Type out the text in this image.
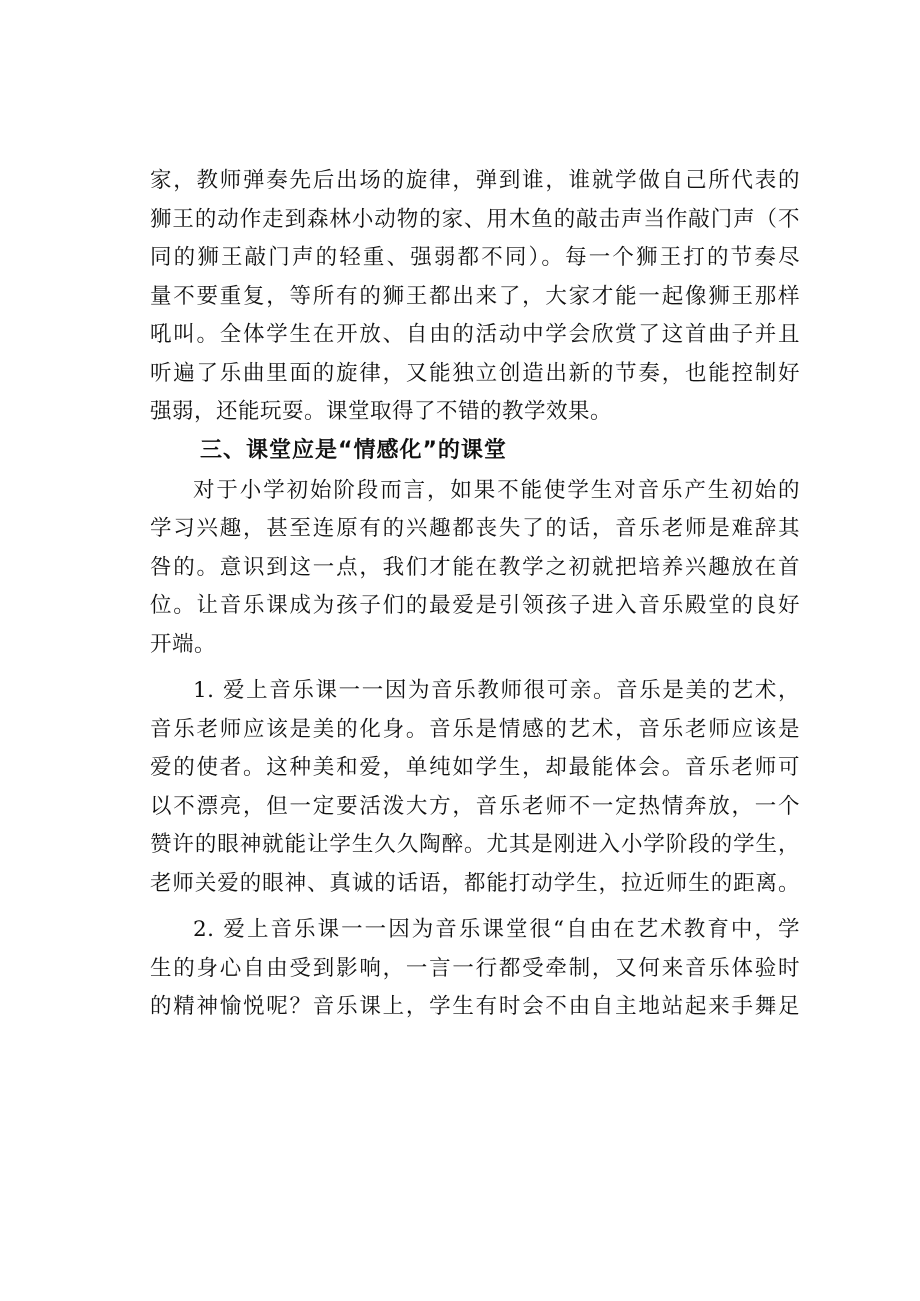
家，教师弹奏先后出场的旋律，弹到谁，谁就学做自己所代表的
狮王的动作走到森林小动物的家、用木鱼的敲击声当作敲门声（不
同的狮王敲门声的轻重、强弱都不同）。每一个狮王打的节奏尽
量不要重复，等所有的狮王都出来了，大家才能一起像狮王那样
吼叫。全体学生在开放、自由的活动中学会欣赏了这首曲子并且
听遍了乐曲里面的旋律，又能独立创造出新的节奏，也能控制好
强弱，还能玩耍。课堂取得了不错的教学效果。
三、课堂应是“情感化”的课堂
对于小学初始阶段而言，如果不能使学生对音乐产生初始的
学习兴趣，甚至连原有的兴趣都丧失了的话，音乐老师是难辞其
咎的。意识到这一点，我们才能在教学之初就把培养兴趣放在首
位。让音乐课成为孩子们的最爱是引领孩子进入音乐殿堂的良好
开端。
1. 爱上音乐课一一因为音乐教师很可亲。音乐是美的艺术，
音乐老师应该是美的化身。音乐是情感的艺术，音乐老师应该是
爱的使者。这种美和爱，单纯如学生，却最能体会。音乐老师可
以不漂亮，但一定要活泼大方，音乐老师不一定热情奔放，一个
赞许的眼神就能让学生久久陶醉。尤其是刚进入小学阶段的学生，
老师关爱的眼神、真诚的话语，都能打动学生，拉近师生的距离。
2. 爱上音乐课一一因为音乐课堂很“自由在艺术教育中，学
生的身心自由受到影响，一言一行都受牵制，又何来音乐体验时
的精神愉悦呢？音乐课上，学生有时会不由自主地站起来手舞足
